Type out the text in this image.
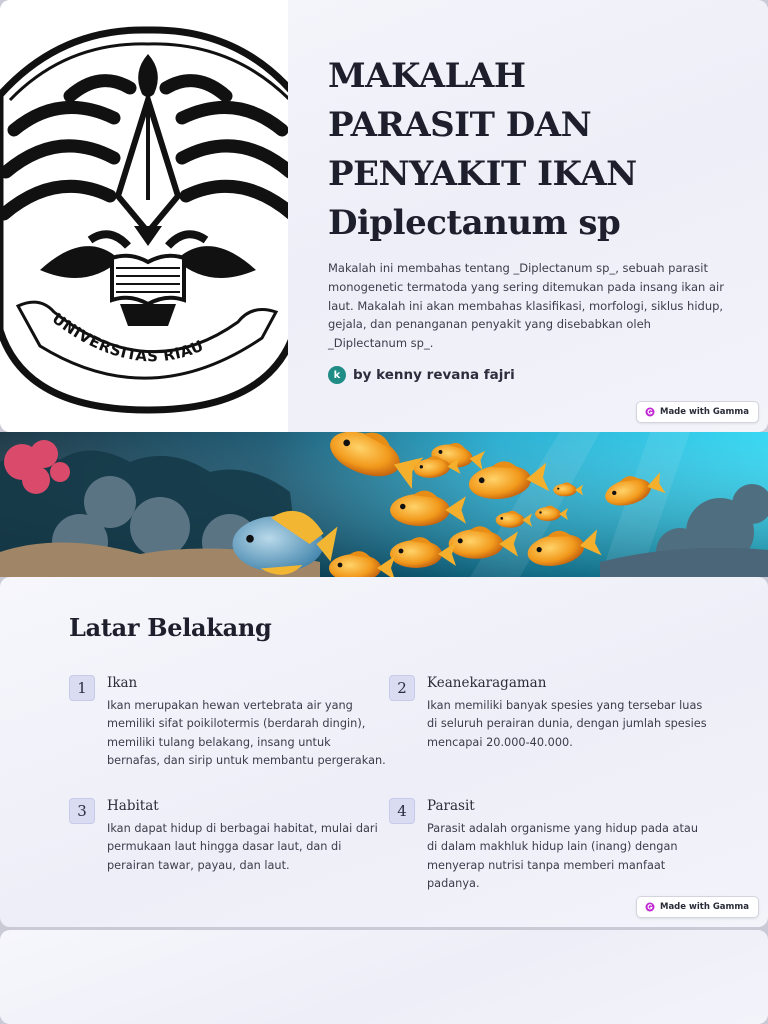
UNIVERSITAS RIAU
MAKALAH
PARASIT DAN
PENYAKIT IKAN
Diplectanum sp

Makalah ini membahas tentang _Diplectanum sp_, sebuah parasit monogenetic termatoda yang sering ditemukan pada insang ikan air laut. Makalah ini akan membahas klasifikasi, morfologi, siklus hidup, gejala, dan penanganan penyakit yang disebabkan oleh _Diplectanum sp_.

k by kenny revana fajri
Made with Gamma
Latar Belakang
1	Ikan

Ikan merupakan hewan vertebrata air yang memiliki sifat poikilotermis (berdarah dingin), memiliki tulang belakang, insang untuk bernafas, dan sirip untuk membantu pergerakan.

2	Keanekaragaman

Ikan memiliki banyak spesies yang tersebar luas di seluruh perairan dunia, dengan jumlah spesies mencapai 20.000-40.000.

3	Habitat

Ikan dapat hidup di berbagai habitat, mulai dari permukaan laut hingga dasar laut, dan di perairan tawar, payau, dan laut.

4	Parasit

Parasit adalah organisme yang hidup pada atau di dalam makhluk hidup lain (inang) dengan menyerap nutrisi tanpa memberi manfaat padanya.

Made with Gamma
